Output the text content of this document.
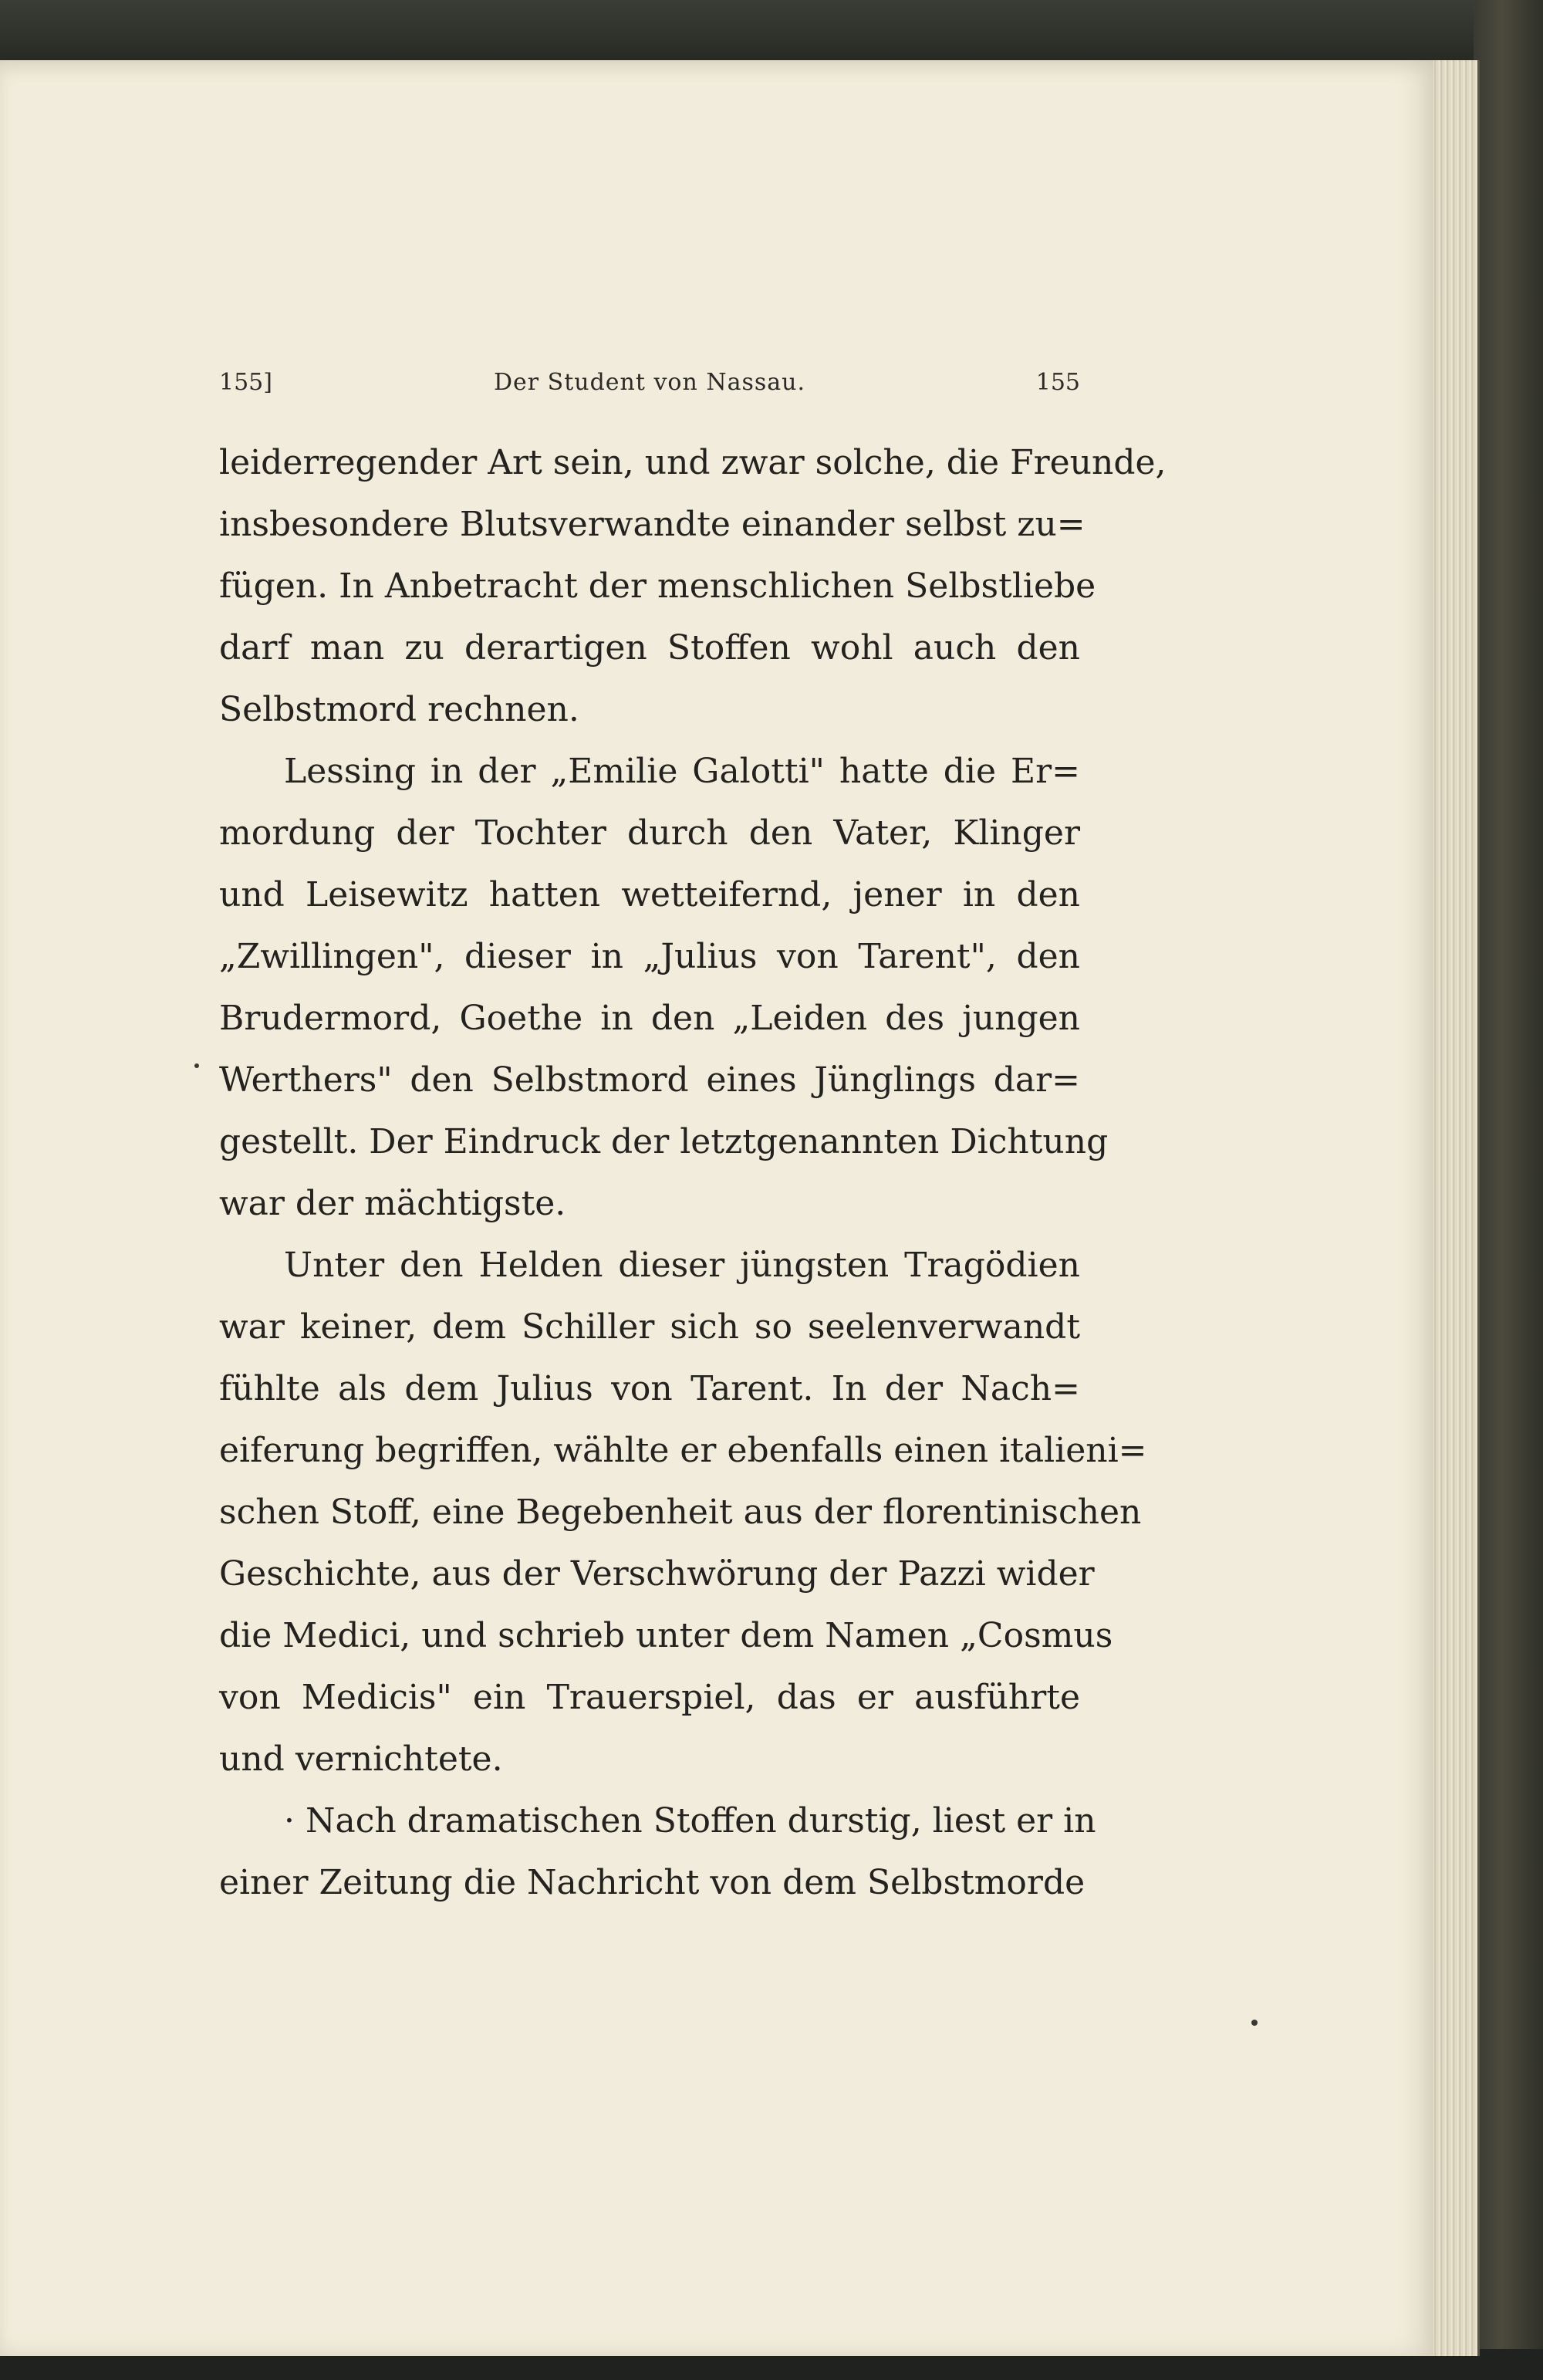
155]	Der Student von Nassau.	155
leiderregender Art sein, und zwar solche, die Freunde,
insbesondere Blutsverwandte einander selbst zu=
fügen. In Anbetracht der menschlichen Selbstliebe
darf man zu derartigen Stoffen wohl auch den
Selbstmord rechnen.
Lessing in der „Emilie Galotti" hatte die Er=
mordung der Tochter durch den Vater, Klinger
und Leisewitz hatten wetteifernd, jener in den
„Zwillingen", dieser in „Julius von Tarent", den
Brudermord, Goethe in den „Leiden des jungen
Werthers" den Selbstmord eines Jünglings dar=
gestellt. Der Eindruck der letztgenannten Dichtung
war der mächtigste.
Unter den Helden dieser jüngsten Tragödien
war keiner, dem Schiller sich so seelenverwandt
fühlte als dem Julius von Tarent. In der Nach=
eiferung begriffen, wählte er ebenfalls einen italieni=
schen Stoff, eine Begebenheit aus der florentinischen
Geschichte, aus der Verschwörung der Pazzi wider
die Medici, und schrieb unter dem Namen „Cosmus
von Medicis" ein Trauerspiel, das er ausführte
und vernichtete.
· Nach dramatischen Stoffen durstig, liest er in
einer Zeitung die Nachricht von dem Selbstmorde
